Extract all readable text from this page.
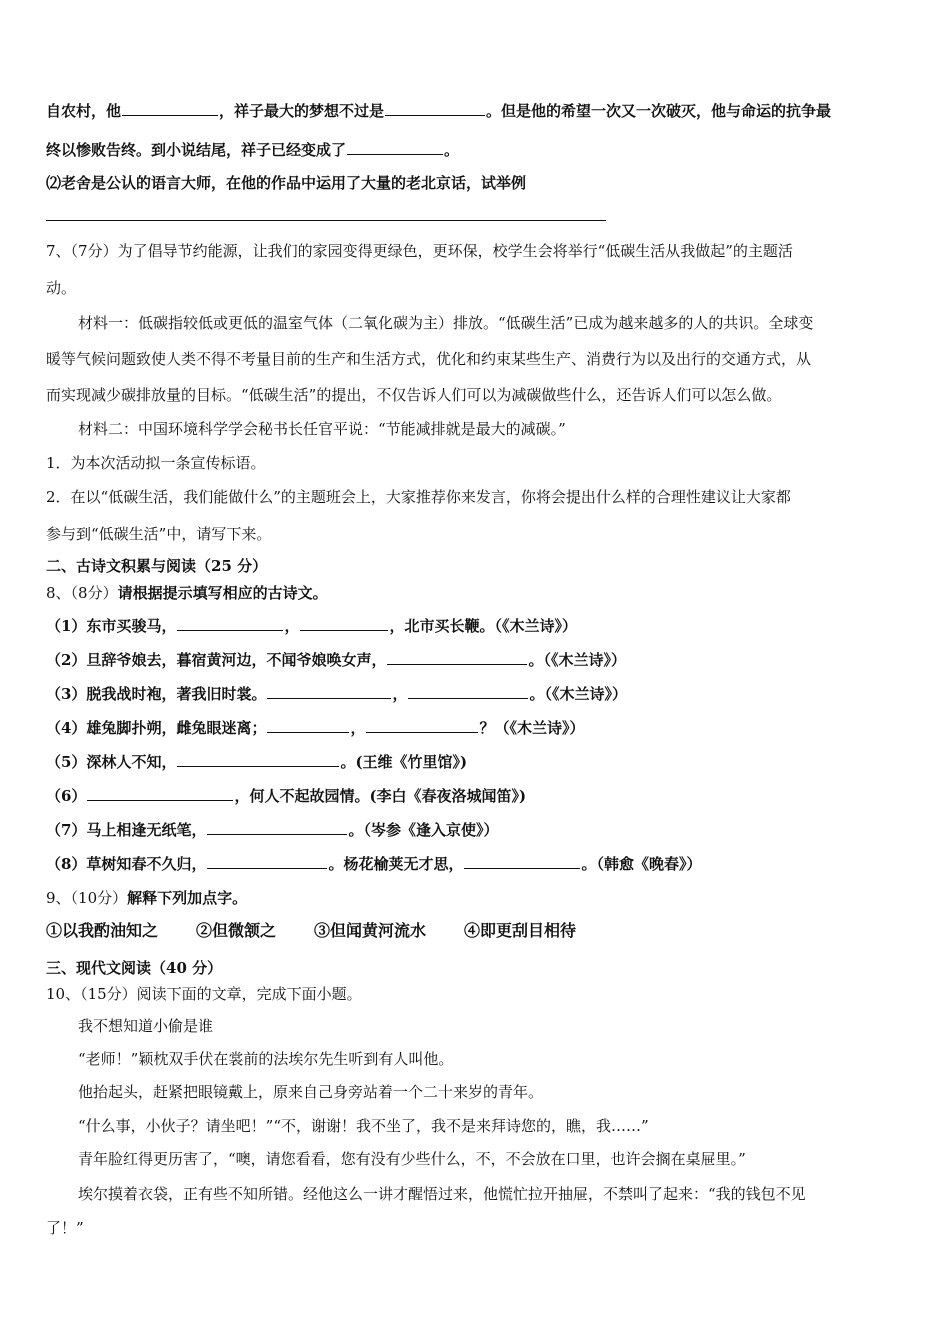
自农村，他	，祥子最大的梦想不过是	。但是他的希望一次又一次破灭，他与命运的抗争最
终以惨败告终。到小说结尾，祥子已经变成了	。
⑵老舍是公认的语言大师，在他的作品中运用了大量的老北京话，试举例
7、（7分）为了倡导节约能源，让我们的家园变得更绿色，更环保，校学生会将举行“低碳生活从我做起”的主题活
动。
材料一：低碳指较低或更低的温室气体（二氧化碳为主）排放。“低碳生活”已成为越来越多的人的共识。全球变
暖等气候问题致使人类不得不考量目前的生产和生活方式，优化和约束某些生产、消费行为以及出行的交通方式，从
而实现减少碳排放量的目标。“低碳生活”的提出，不仅告诉人们可以为减碳做些什么，还告诉人们可以怎么做。
材料二：中国环境科学学会秘书长任官平说：“节能减排就是最大的减碳。”
1．为本次活动拟一条宣传标语。
2．在以“低碳生活，我们能做什么”的主题班会上，大家推荐你来发言，你将会提出什么样的合理性建议让大家都
参与到“低碳生活”中，请写下来。
二、古诗文积累与阅读（25 分）
8、（8分）请根据提示填写相应的古诗文。
（1）东市买骏马，	，	，北市买长鞭。（《木兰诗》）
（2）旦辞爷娘去，暮宿黄河边，不闻爷娘唤女声，	。（《木兰诗》）
（3）脱我战时袍，著我旧时裳。	，	。（《木兰诗》）
（4）雄兔脚扑朔，雌兔眼迷离；	，	？（《木兰诗》）
（5）深林人不知，	。(王维《竹里馆》)
（6）	，何人不起故园情。(李白《春夜洛城闻笛》)
（7）马上相逢无纸笔，	。（岑参《逢入京使》）
（8）草树知春不久归，	。杨花榆荚无才思，	。（韩愈《晚春》）
9、（10分）解释下列加点字。
①以我酌油知之 ②但微颔之 ③但闻黄河流水 ④即更刮目相待
三、现代文阅读（40 分）
10、（15分）阅读下面的文章，完成下面小题。
我不想知道小偷是谁
“老师！”颖枕双手伏在裳前的法埃尔先生听到有人叫他。
他抬起头，赶紧把眼镜戴上，原来自己身旁站着一个二十来岁的青年。
“什么事，小伙子？请坐吧！”“不，谢谢！我不坐了，我不是来拜诗您的，瞧，我……”
青年脸红得更历害了，“噢，请您看看，您有没有少些什么，不，不会放在口里，也许会搁在桌屉里。”
埃尔摸着衣袋，正有些不知所错。经他这么一讲才醒悟过来，他慌忙拉开抽屉，不禁叫了起来：“我的钱包不见
了！”
